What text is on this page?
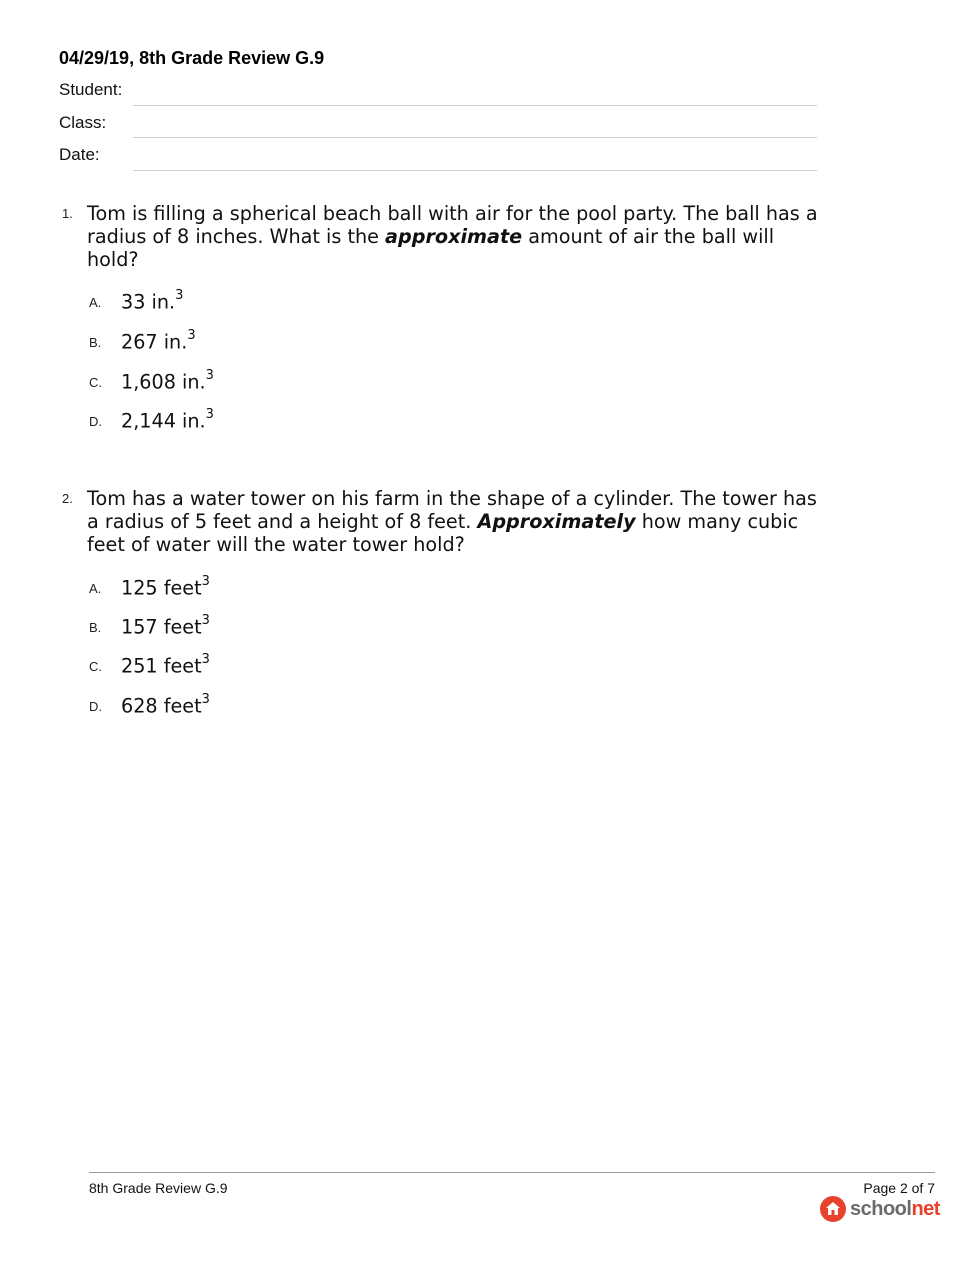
04/29/19, 8th Grade Review G.9
Student:
Class:
Date:
1. Tom is filling a spherical beach ball with air for the pool party. The ball has a radius of 8 inches. What is the approximate amount of air the ball will hold?
A. 33 in.$^3$
B. 267 in.$^3$
C. 1,608 in.$^3$
D. 2,144 in.$^3$
2. Tom has a water tower on his farm in the shape of a cylinder. The tower has a radius of 5 feet and a height of 8 feet. Approximately how many cubic feet of water will the water tower hold?
A. 125 feet$^3$
B. 157 feet$^3$
C. 251 feet$^3$
D. 628 feet$^3$
8th Grade Review G.9	Page 2 of 7
schoolnet
